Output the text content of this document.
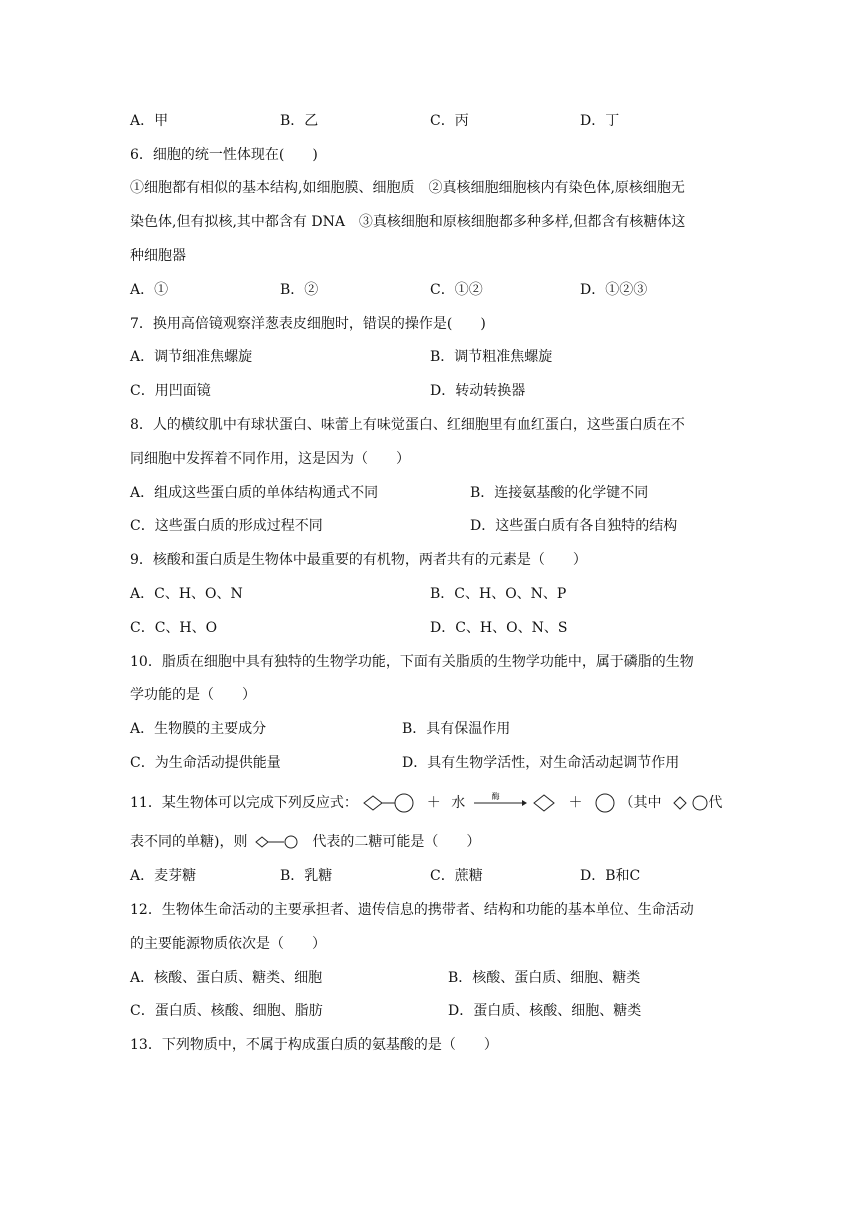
A．甲	B．乙	C．丙	D．丁
6．细胞的统一性体现在(　　)
①细胞都有相似的基本结构,如细胞膜、细胞质　②真核细胞细胞核内有染色体,原核细胞无
染色体,但有拟核,其中都含有 DNA　③真核细胞和原核细胞都多种多样,但都含有核糖体这
种细胞器
A．①	B．②	C．①②	D．①②③
7．换用高倍镜观察洋葱表皮细胞时，错误的操作是(　　)
A．调节细准焦螺旋	B．调节粗准焦螺旋
C．用凹面镜	D．转动转换器
8．人的横纹肌中有球状蛋白、味蕾上有味觉蛋白、红细胞里有血红蛋白，这些蛋白质在不
同细胞中发挥着不同作用，这是因为（　　）
A．组成这些蛋白质的单体结构通式不同	B．连接氨基酸的化学键不同
C．这些蛋白质的形成过程不同	D．这些蛋白质有各自独特的结构
9．核酸和蛋白质是生物体中最重要的有机物，两者共有的元素是（　　）
A．C、H、O、N	B．C、H、O、N、P
C．C、H、O	D．C、H、O、N、S
10．脂质在细胞中具有独特的生物学功能，下面有关脂质的生物学功能中，属于磷脂的生物
学功能的是（　　）
A．生物膜的主要成分	B．具有保温作用
C．为生命活动提供能量	D．具有生物学活性，对生命活动起调节作用
11．某生物体可以完成下列反应式：	＋ 水	酶	＋	（其中	代
表不同的单糖)，则	代表的二糖可能是（　　）
A．麦芽糖	B．乳糖	C．蔗糖	D．B和C
12．生物体生命活动的主要承担者、遗传信息的携带者、结构和功能的基本单位、生命活动
的主要能源物质依次是（　　）
A．核酸、蛋白质、糖类、细胞	B．核酸、蛋白质、细胞、糖类
C．蛋白质、核酸、细胞、脂肪	D．蛋白质、核酸、细胞、糖类
13．下列物质中，不属于构成蛋白质的氨基酸的是（　　）
